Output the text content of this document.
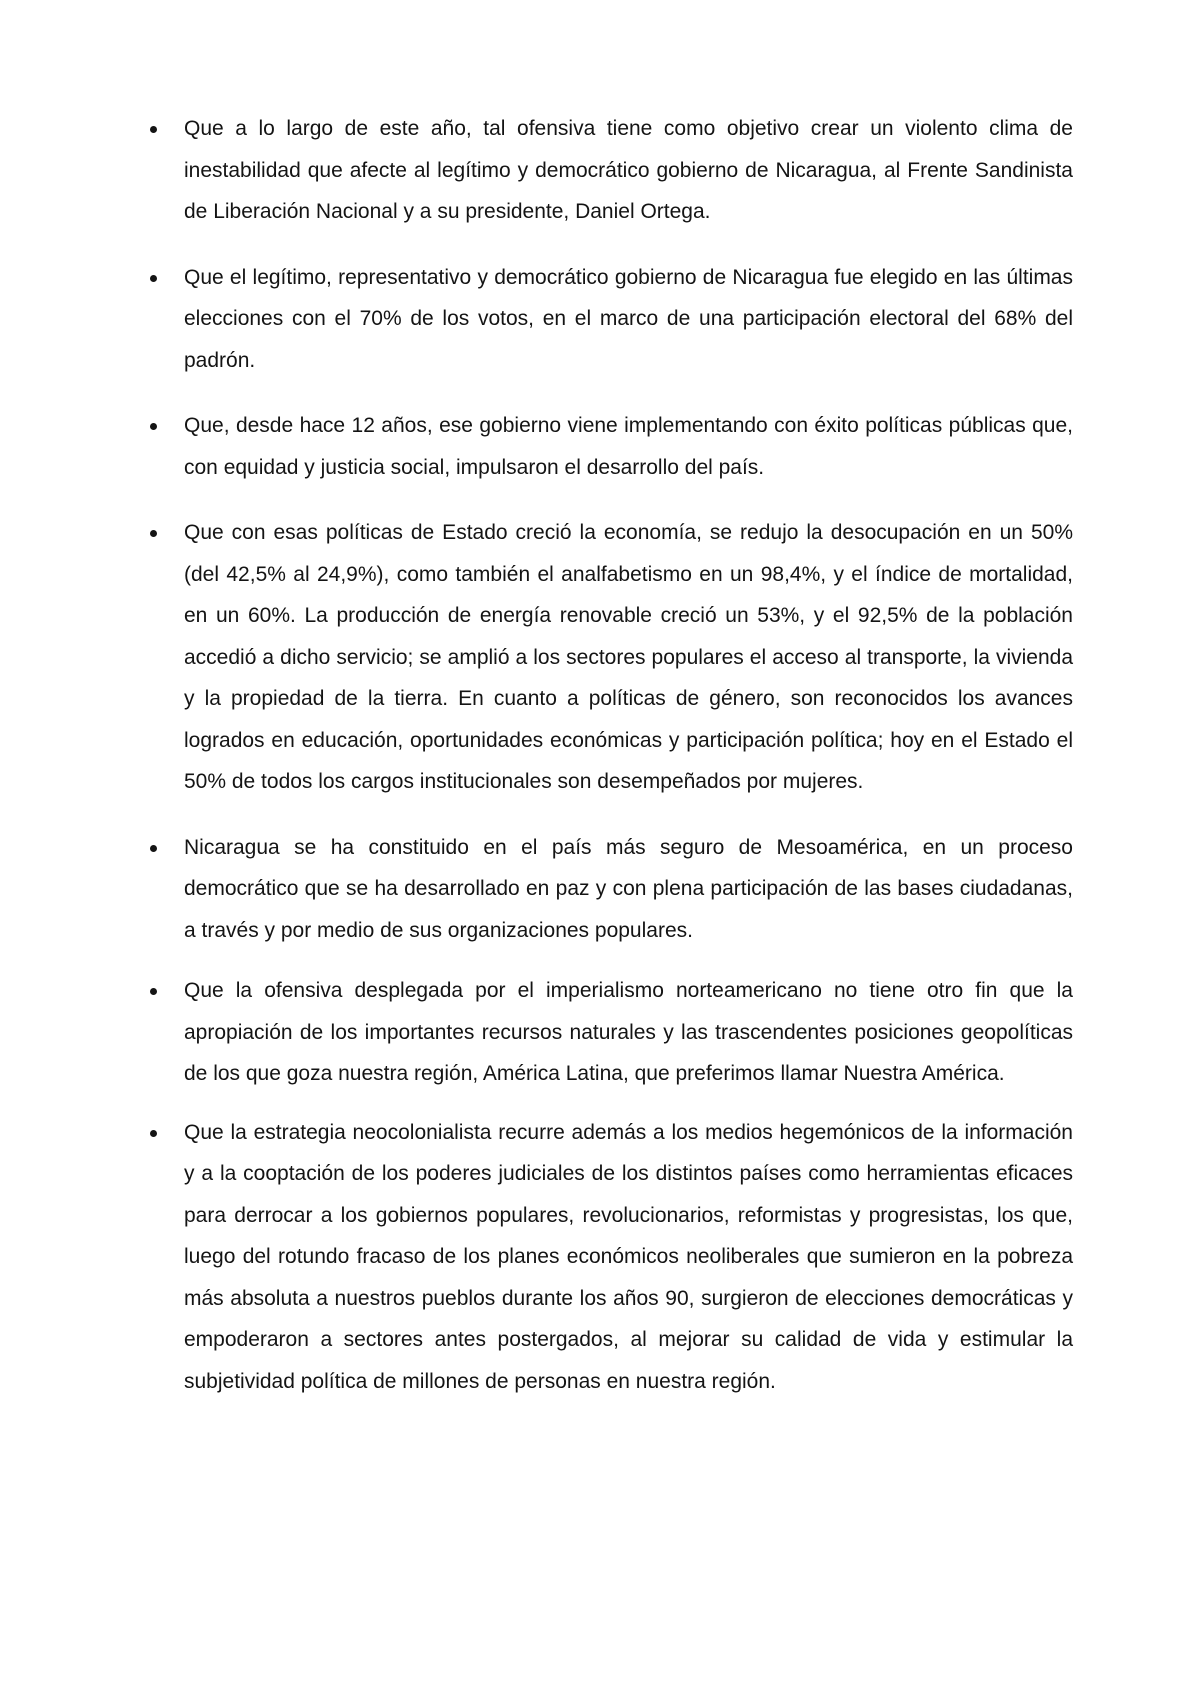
Que a lo largo de este año, tal ofensiva tiene como objetivo crear un violento clima de inestabilidad que afecte al legítimo y democrático gobierno de Nicaragua, al Frente Sandinista de Liberación Nacional y a su presidente, Daniel Ortega.
Que el legítimo, representativo y democrático gobierno de Nicaragua fue elegido en las últimas elecciones con el 70% de los votos, en el marco de una participación electoral del 68% del padrón.
Que, desde hace 12 años, ese gobierno viene implementando con éxito políticas públicas que, con equidad y justicia social, impulsaron el desarrollo del país.
Que con esas políticas de Estado creció la economía, se redujo la desocupación en un 50% (del 42,5% al 24,9%), como también el analfabetismo en un 98,4%, y el índice de mortalidad, en un 60%. La producción de energía renovable creció un 53%, y el 92,5% de la población accedió a dicho servicio; se amplió a los sectores populares el acceso al transporte, la vivienda y la propiedad de la tierra. En cuanto a políticas de género, son reconocidos los avances logrados en educación, oportunidades económicas y participación política; hoy en el Estado el 50% de todos los cargos institucionales son desempeñados por mujeres.
Nicaragua se ha constituido en el país más seguro de Mesoamérica, en un proceso democrático que se ha desarrollado en paz y con plena participación de las bases ciudadanas, a través y por medio de sus organizaciones populares.
Que la ofensiva desplegada por el imperialismo norteamericano no tiene otro fin que la apropiación de los importantes recursos naturales y las trascendentes posiciones geopolíticas de los que goza nuestra región, América Latina, que preferimos llamar Nuestra América.
Que la estrategia neocolonialista recurre además a los medios hegemónicos de la información y a la cooptación de los poderes judiciales de los distintos países como herramientas eficaces para derrocar a los gobiernos populares, revolucionarios, reformistas y progresistas, los que, luego del rotundo fracaso de los planes económicos neoliberales que sumieron en la pobreza más absoluta a nuestros pueblos durante los años 90, surgieron de elecciones democráticas y empoderaron a sectores antes postergados, al mejorar su calidad de vida y estimular la subjetividad política de millones de personas en nuestra región.
